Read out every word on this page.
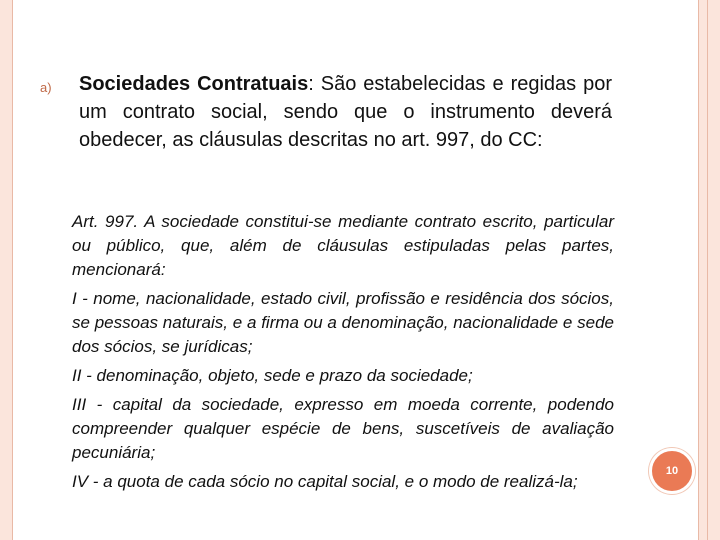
a) Sociedades Contratuais: São estabelecidas e regidas por um contrato social, sendo que o instrumento deverá obedecer, as cláusulas descritas no art. 997, do CC:

Art. 997. A sociedade constitui-se mediante contrato escrito, particular ou público, que, além de cláusulas estipuladas pelas partes, mencionará:

I - nome, nacionalidade, estado civil, profissão e residência dos sócios, se pessoas naturais, e a firma ou a denominação, nacionalidade e sede dos sócios, se jurídicas;

II - denominação, objeto, sede e prazo da sociedade;

III - capital da sociedade, expresso em moeda corrente, podendo compreender qualquer espécie de bens, suscetíveis de avaliação pecuniária;

IV - a quota de cada sócio no capital social, e o modo de realizá-la;

10
